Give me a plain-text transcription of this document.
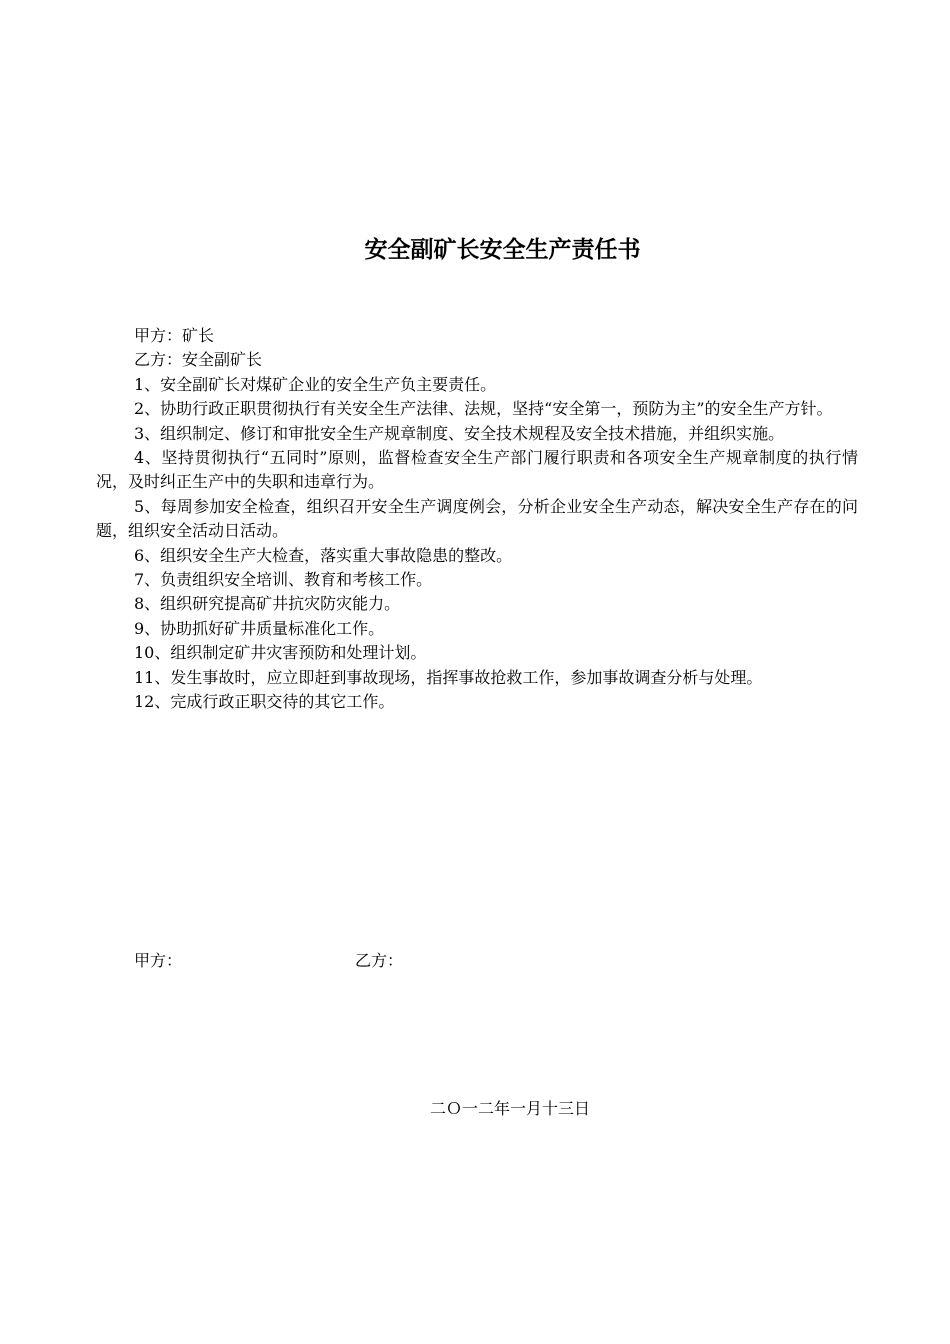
安全副矿长安全生产责任书

甲方：矿长

乙方：安全副矿长

1、安全副矿长对煤矿企业的安全生产负主要责任。

2、协助行政正职贯彻执行有关安全生产法律、法规，坚持“安全第一，预防为主”的安全生产方针。

3、组织制定、修订和审批安全生产规章制度、安全技术规程及安全技术措施，并组织实施。

4、坚持贯彻执行“五同时”原则，监督检查安全生产部门履行职责和各项安全生产规章制度的执行情况，及时纠正生产中的失职和违章行为。

5、每周参加安全检查，组织召开安全生产调度例会，分析企业安全生产动态，解决安全生产存在的问题，组织安全活动日活动。

6、组织安全生产大检查，落实重大事故隐患的整改。

7、负责组织安全培训、教育和考核工作。

8、组织研究提高矿井抗灾防灾能力。

9、协助抓好矿井质量标准化工作。

10、组织制定矿井灾害预防和处理计划。

11、发生事故时，应立即赶到事故现场，指挥事故抢救工作，参加事故调查分析与处理。

12、完成行政正职交待的其它工作。

甲方：	乙方：
二Ｏ一二年一月十三日
